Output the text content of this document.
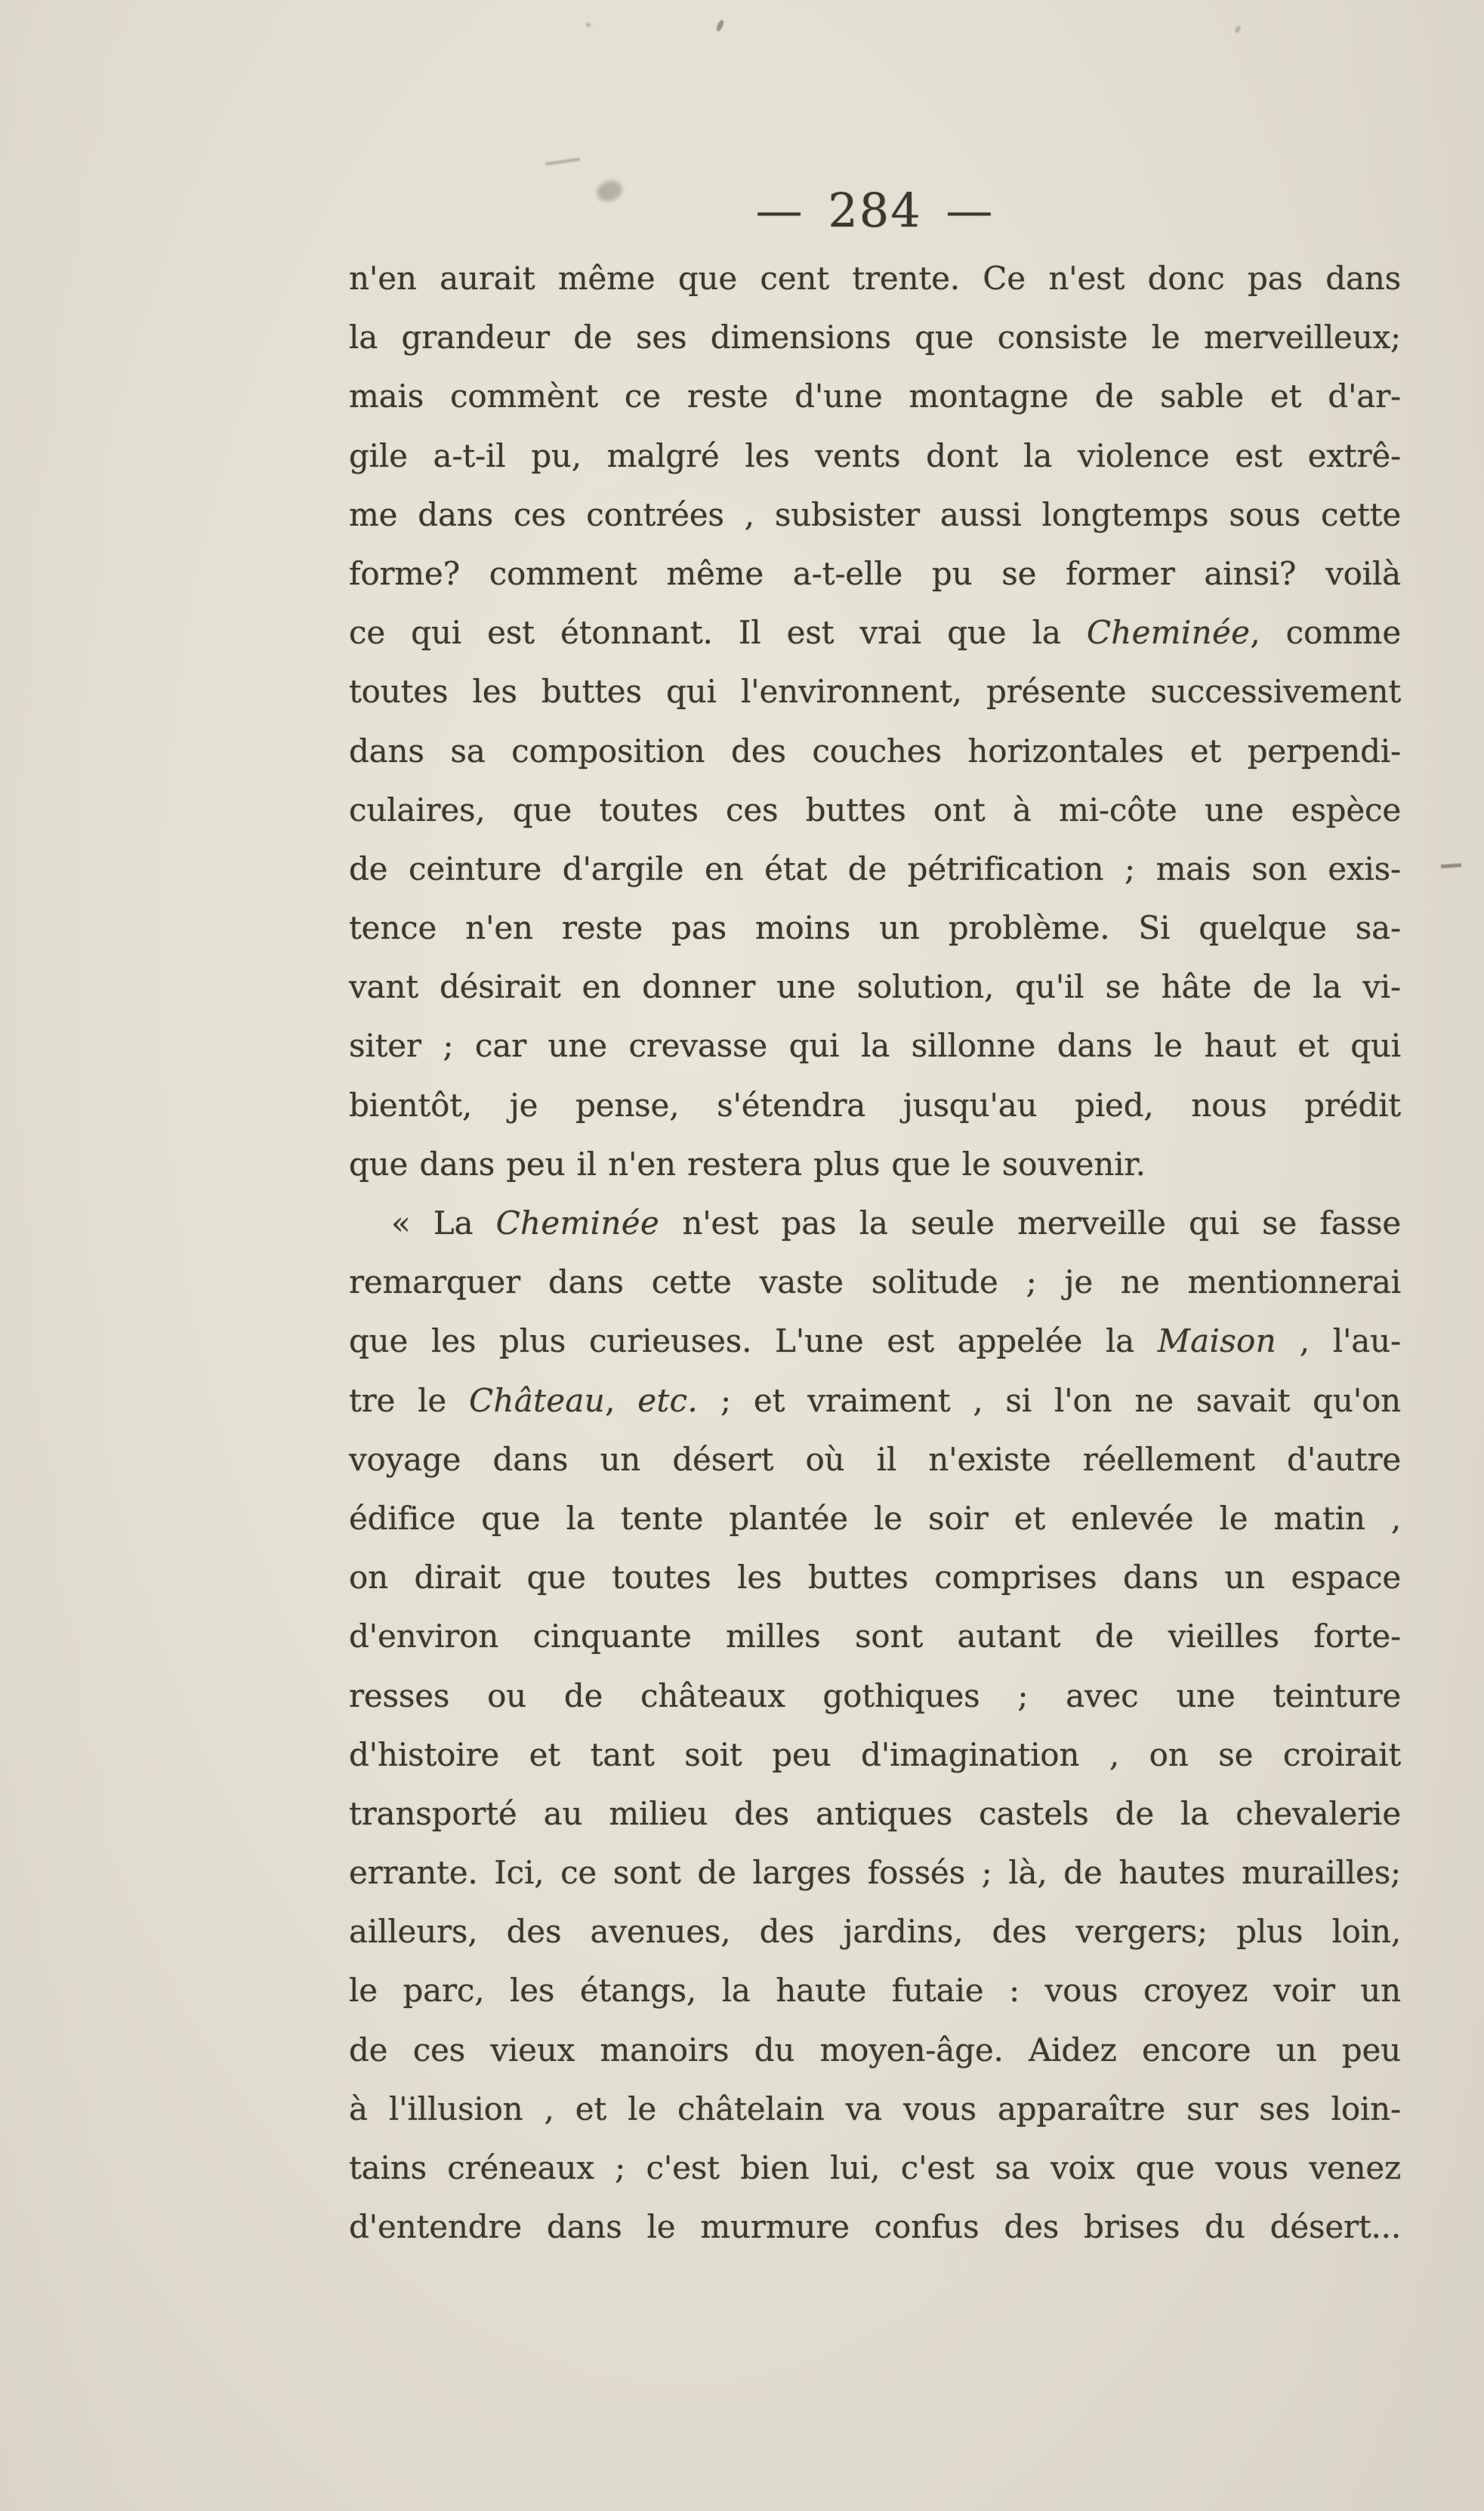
— 284 —
n'en aurait même que cent trente. Ce n'est donc pas dans
la grandeur de ses dimensions que consiste le merveilleux;
mais commènt ce reste d'une montagne de sable et d'ar-
gile a-t-il pu, malgré les vents dont la violence est extrê-
me dans ces contrées , subsister aussi longtemps sous cette
forme? comment même a-t-elle pu se former ainsi? voilà
ce qui est étonnant. Il est vrai que la Cheminée, comme
toutes les buttes qui l'environnent, présente successivement
dans sa composition des couches horizontales et perpendi-
culaires, que toutes ces buttes ont à mi-côte une espèce
de ceinture d'argile en état de pétrification ; mais son exis-
tence n'en reste pas moins un problème. Si quelque sa-
vant désirait en donner une solution, qu'il se hâte de la vi-
siter ; car une crevasse qui la sillonne dans le haut et qui
bientôt, je pense, s'étendra jusqu'au pied, nous prédit
que dans peu il n'en restera plus que le souvenir.
« La Cheminée n'est pas la seule merveille qui se fasse
remarquer dans cette vaste solitude ; je ne mentionnerai
que les plus curieuses. L'une est appelée la Maison , l'au-
tre le Château, etc. ; et vraiment , si l'on ne savait qu'on
voyage dans un désert où il n'existe réellement d'autre
édifice que la tente plantée le soir et enlevée le matin ,
on dirait que toutes les buttes comprises dans un espace
d'environ cinquante milles sont autant de vieilles forte-
resses ou de châteaux gothiques ; avec une teinture
d'histoire et tant soit peu d'imagination , on se croirait
transporté au milieu des antiques castels de la chevalerie
errante. Ici, ce sont de larges fossés ; là, de hautes murailles;
ailleurs, des avenues, des jardins, des vergers; plus loin,
le parc, les étangs, la haute futaie : vous croyez voir un
de ces vieux manoirs du moyen-âge. Aidez encore un peu
à l'illusion , et le châtelain va vous apparaître sur ses loin-
tains créneaux ; c'est bien lui, c'est sa voix que vous venez
d'entendre dans le murmure confus des brises du désert...
